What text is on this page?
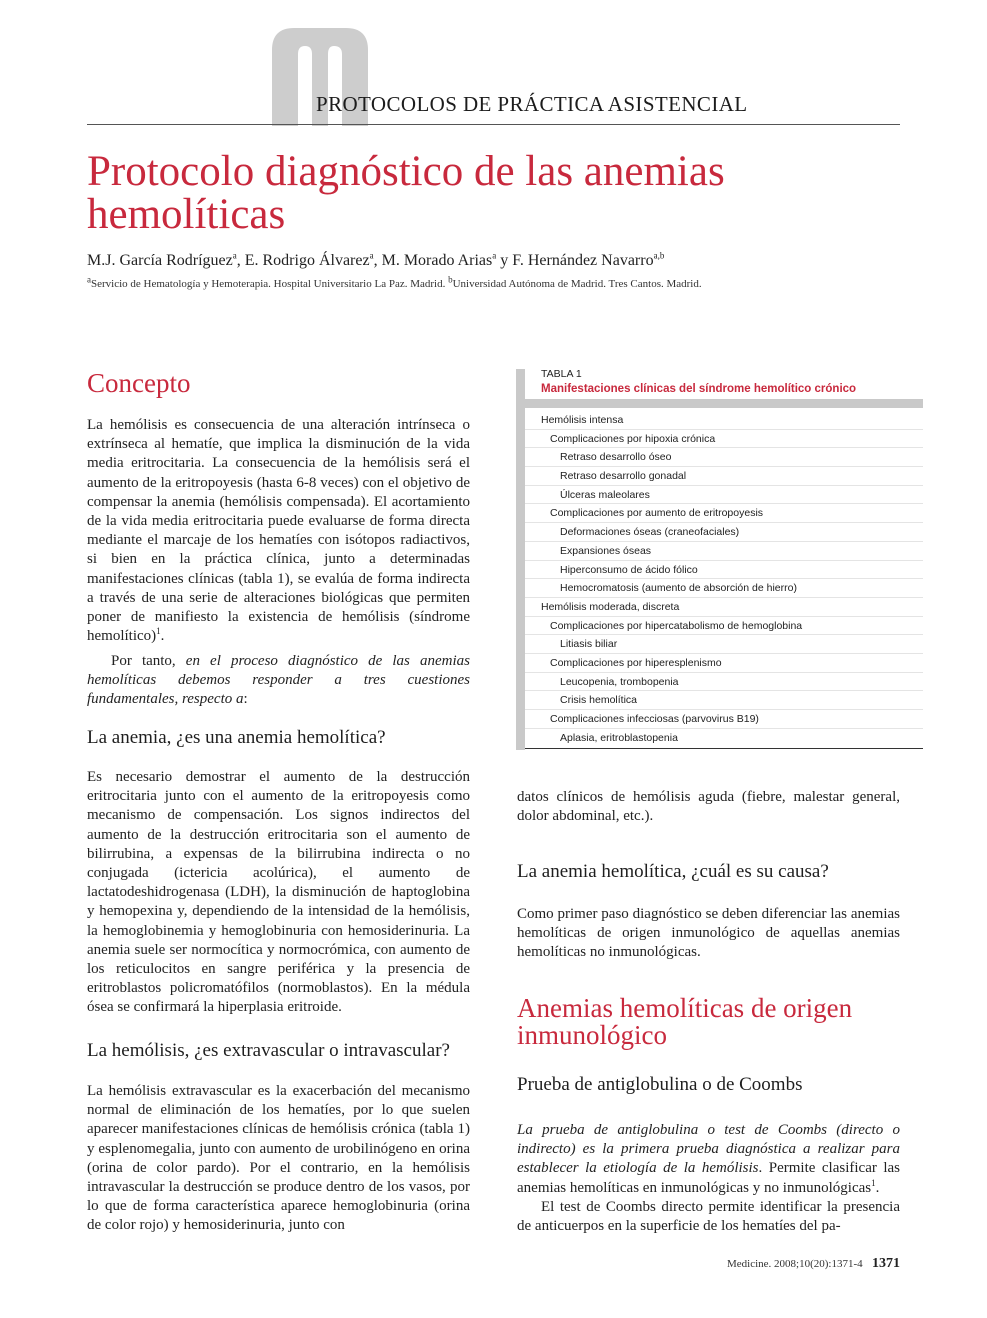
PROTOCOLOS DE PRÁCTICA ASISTENCIAL
Protocolo diagnóstico de las anemias hemolíticas
M.J. García Rodríguez$^a$, E. Rodrigo Álvarez$^a$, M. Morado Arias$^a$ y F. Hernández Navarro$^{a,b}$
$^a$Servicio de Hematología y Hemoterapia. Hospital Universitario La Paz. Madrid. $^b$Universidad Autónoma de Madrid. Tres Cantos. Madrid.
Concepto

La hemólisis es consecuencia de una alteración intrínseca o extrínseca al hematíe, que implica la disminución de la vida media eritrocitaria. La consecuencia de la hemólisis será el aumento de la eritropoyesis (hasta 6-8 veces) con el objetivo de compensar la anemia (hemólisis compensada). El acortamiento de la vida media eritrocitaria puede evaluarse de forma directa mediante el marcaje de los hematíes con isótopos radiactivos, si bien en la práctica clínica, junto a determinadas manifestaciones clínicas (tabla 1), se evalúa de forma indirecta a través de una serie de alteraciones biológicas que permiten poner de manifiesto la existencia de hemólisis (síndrome hemolítico)$^1$.

Por tanto, en el proceso diagnóstico de las anemias hemolíticas debemos responder a tres cuestiones fundamentales, respecto a:

La anemia, ¿es una anemia hemolítica?

Es necesario demostrar el aumento de la destrucción eritrocitaria junto con el aumento de la eritropoyesis como mecanismo de compensación. Los signos indirectos del aumento de la destrucción eritrocitaria son el aumento de bilirrubina, a expensas de la bilirrubina indirecta o no conjugada (ictericia acolúrica), el aumento de lactatodeshidrogenasa (LDH), la disminución de haptoglobina y hemopexina y, dependiendo de la intensidad de la hemólisis, la hemoglobinemia y hemoglobinuria con hemosiderinuria. La anemia suele ser normocítica y normocrómica, con aumento de los reticulocitos en sangre periférica y la presencia de eritroblastos policromatófilos (normoblastos). En la médula ósea se confirmará la hiperplasia eritroide.

La hemólisis, ¿es extravascular o intravascular?

La hemólisis extravascular es la exacerbación del mecanismo normal de eliminación de los hematíes, por lo que suelen aparecer manifestaciones clínicas de hemólisis crónica (tabla 1) y esplenomegalia, junto con aumento de urobilinógeno en orina (orina de color pardo). Por el contrario, en la hemólisis intravascular la destrucción se produce dentro de los vasos, por lo que de forma característica aparece hemoglobinuria (orina de color rojo) y hemosiderinuria, junto con

TABLA 1
Manifestaciones clínicas del síndrome hemolítico crónico
Hemólisis intensa
Complicaciones por hipoxia crónica
Retraso desarrollo óseo
Retraso desarrollo gonadal
Úlceras maleolares
Complicaciones por aumento de eritropoyesis
Deformaciones óseas (craneofaciales)
Expansiones óseas
Hiperconsumo de ácido fólico
Hemocromatosis (aumento de absorción de hierro)
Hemólisis moderada, discreta
Complicaciones por hipercatabolismo de hemoglobina
Litiasis biliar
Complicaciones por hiperesplenismo
Leucopenia, trombopenia
Crisis hemolítica
Complicaciones infecciosas (parvovirus B19)
Aplasia, eritroblastopenia

datos clínicos de hemólisis aguda (fiebre, malestar general, dolor abdominal, etc.).

La anemia hemolítica, ¿cuál es su causa?

Como primer paso diagnóstico se deben diferenciar las anemias hemolíticas de origen inmunológico de aquellas anemias hemolíticas no inmunológicas.

Anemias hemolíticas de origen inmunológico
Prueba de antiglobulina o de Coombs

La prueba de antiglobulina o test de Coombs (directo o indirecto) es la primera prueba diagnóstica a realizar para establecer la etiología de la hemólisis. Permite clasificar las anemias hemolíticas en inmunológicas y no inmunológicas$^1$.

El test de Coombs directo permite identificar la presencia de anticuerpos en la superficie de los hematíes del pa-

Medicine. 2008;10(20):1371-4 1371
